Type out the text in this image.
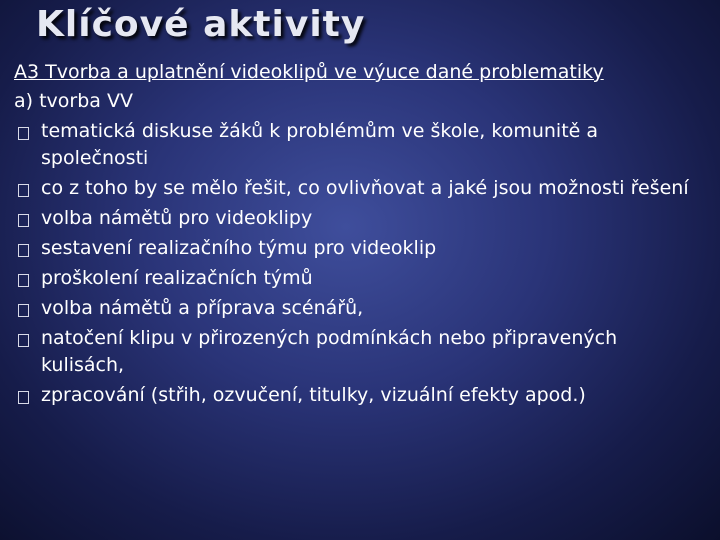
Klíčové aktivity
A3 Tvorba a uplatnění videoklipů ve výuce dané problematiky
a) tvorba VV
tematická diskuse žáků k problémům ve škole, komunitě a společnosti
co z toho by se mělo řešit, co ovlivňovat a jaké jsou možnosti řešení
volba námětů pro videoklipy
sestavení realizačního týmu pro videoklip
proškolení realizačních týmů
volba námětů a příprava scénářů,
natočení klipu v přirozených podmínkách nebo připravených kulisách,
zpracování (střih, ozvučení, titulky, vizuální efekty apod.)
